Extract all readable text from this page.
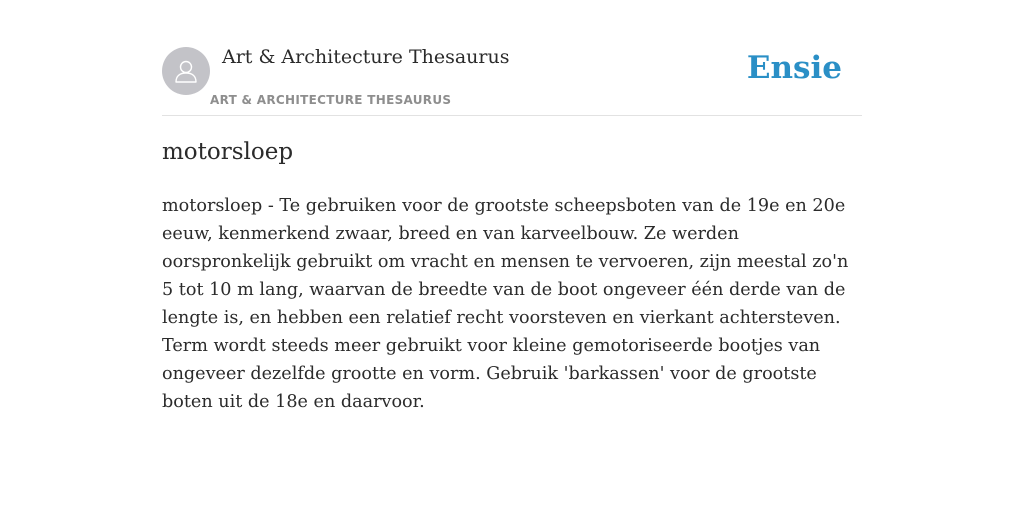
Art & Architecture Thesaurus
ART & ARCHITECTURE THESAURUS
Ensie
motorsloep

motorsloep - Te gebruiken voor de grootste scheepsboten van de 19e en 20e eeuw, kenmerkend zwaar, breed en van karveelbouw. Ze werden oorspronkelijk gebruikt om vracht en mensen te vervoeren, zijn meestal zo'n 5 tot 10 m lang, waarvan de breedte van de boot ongeveer één derde van de lengte is, en hebben een relatief recht voorsteven en vierkant achtersteven. Term wordt steeds meer gebruikt voor kleine gemotoriseerde bootjes van ongeveer dezelfde grootte en vorm. Gebruik 'barkassen' voor de grootste boten uit de 18e en daarvoor.
